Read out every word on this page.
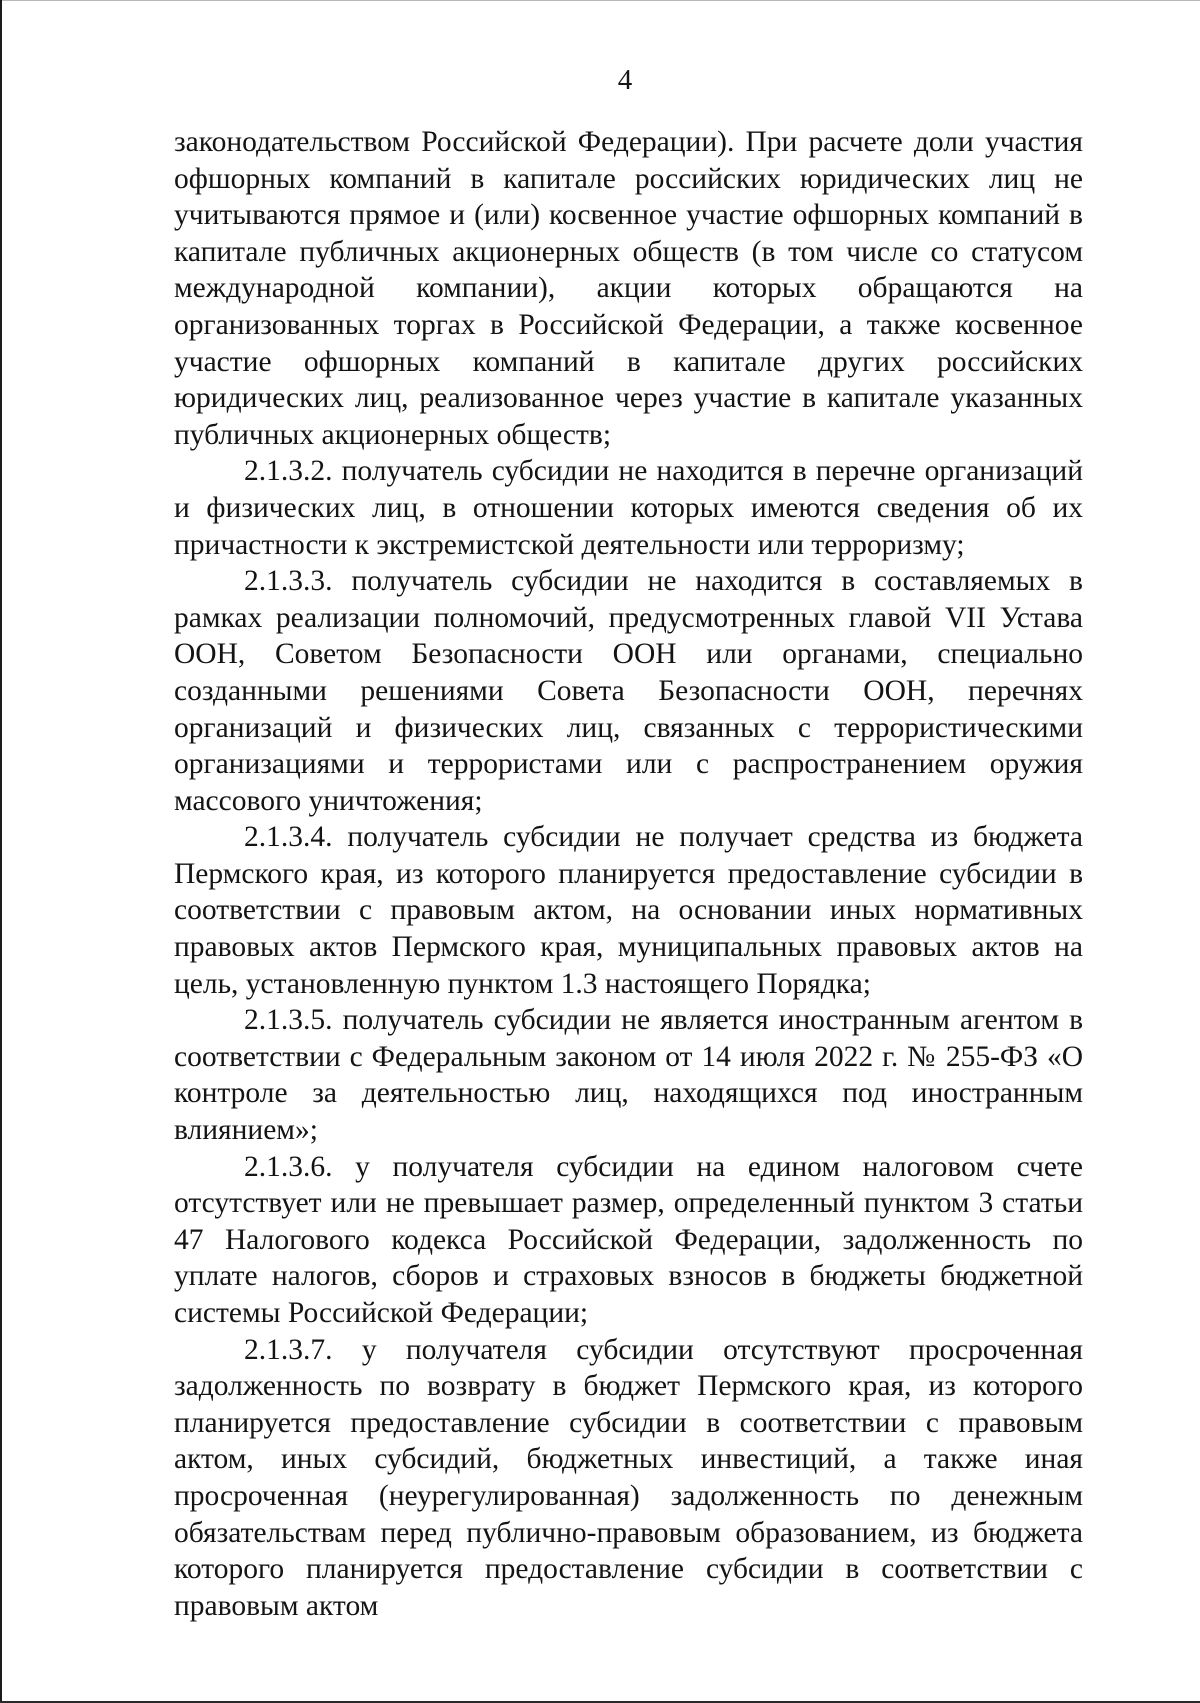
4

законодательством Российской Федерации). При расчете доли участия офшорных компаний в капитале российских юридических лиц не учитываются прямое и (или) косвенное участие офшорных компаний в капитале публичных акционерных обществ (в том числе со статусом международной компании), акции которых обращаются на организованных торгах в Российской Федерации, а также косвенное участие офшорных компаний в капитале других российских юридических лиц, реализованное через участие в капитале указанных публичных акционерных обществ;

2.1.3.2. получатель субсидии не находится в перечне организаций и физических лиц, в отношении которых имеются сведения об их причастности к экстремистской деятельности или терроризму;

2.1.3.3. получатель субсидии не находится в составляемых в рамках реализации полномочий, предусмотренных главой VII Устава ООН, Советом Безопасности ООН или органами, специально созданными решениями Совета Безопасности ООН, перечнях организаций и физических лиц, связанных с террористическими организациями и террористами или с распространением оружия массового уничтожения;

2.1.3.4. получатель субсидии не получает средства из бюджета Пермского края, из которого планируется предоставление субсидии в соответствии с правовым актом, на основании иных нормативных правовых актов Пермского края, муниципальных правовых актов на цель, установленную пунктом 1.3 настоящего Порядка;

2.1.3.5. получатель субсидии не является иностранным агентом в соответствии с Федеральным законом от 14 июля 2022 г. № 255-ФЗ «О контроле за деятельностью лиц, находящихся под иностранным влиянием»;

2.1.3.6. у получателя субсидии на едином налоговом счете отсутствует или не превышает размер, определенный пунктом 3 статьи 47 Налогового кодекса Российской Федерации, задолженность по уплате налогов, сборов и страховых взносов в бюджеты бюджетной системы Российской Федерации;

2.1.3.7. у получателя субсидии отсутствуют просроченная задолженность по возврату в бюджет Пермского края, из которого планируется предоставление субсидии в соответствии с правовым актом, иных субсидий, бюджетных инвестиций, а также иная просроченная (неурегулированная) задолженность по денежным обязательствам перед публично-правовым образованием, из бюджета которого планируется предоставление субсидии в соответствии с правовым актом
